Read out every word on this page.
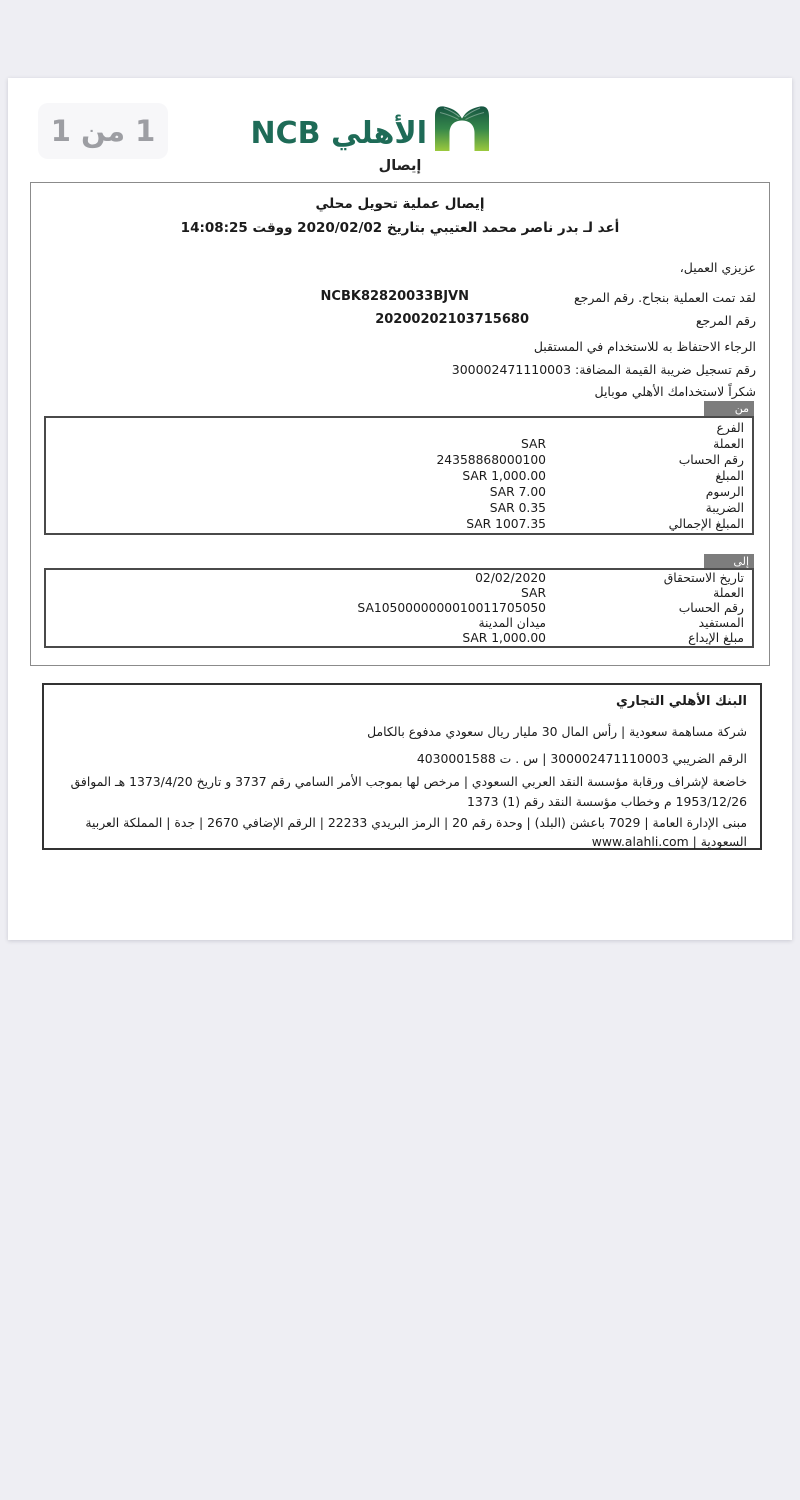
1 من 1	NCB الأهلي
إيصال
إيصال عملية تحويل محلي
أعد لـ بدر ناصر محمد العتيبي بتاريخ 2020/02/02 ووقت 14:08:25
عزيزي العميل،
لقد تمت العملية بنجاح. رقم المرجع
NCBK82820033BJVN
رقم المرجع
20200202103715680
الرجاء الاحتفاظ به للاستخدام في المستقبل
رقم تسجيل ضريبة القيمة المضافة: 300002471110003
شكراً لاستخدامك الأهلي موبايل
من
الفرع
العملة
SAR
رقم الحساب
24358868000100
المبلغ
1,000.00 SAR
الرسوم
7.00 SAR
الضريبة
0.35 SAR
المبلغ الإجمالي
1007.35 SAR
إلى
تاريخ الاستحقاق
02/02/2020
العملة
SAR
رقم الحساب
SA1050000000010011705050
المستفيد
ميدان المدينة
مبلغ الإيداع
1,000.00 SAR
البنك الأهلي التجاري
شركة مساهمة سعودية | رأس المال 30 مليار ريال سعودي مدفوع بالكامل
الرقم الضريبي 300002471110003 | س . ت 4030001588
خاضعة لإشراف ورقابة مؤسسة النقد العربي السعودي | مرخص لها بموجب الأمر السامي رقم 3737 و تاريخ 1373/4/20 هـ الموافق 1953/12/26 م وخطاب مؤسسة النقد رقم (1) 1373
مبنى الإدارة العامة | 7029 باعشن (البلد) | وحدة رقم 20 | الرمز البريدي 22233 | الرقم الإضافي 2670 | جدة | المملكة العربية السعودية | www.alahli.com
